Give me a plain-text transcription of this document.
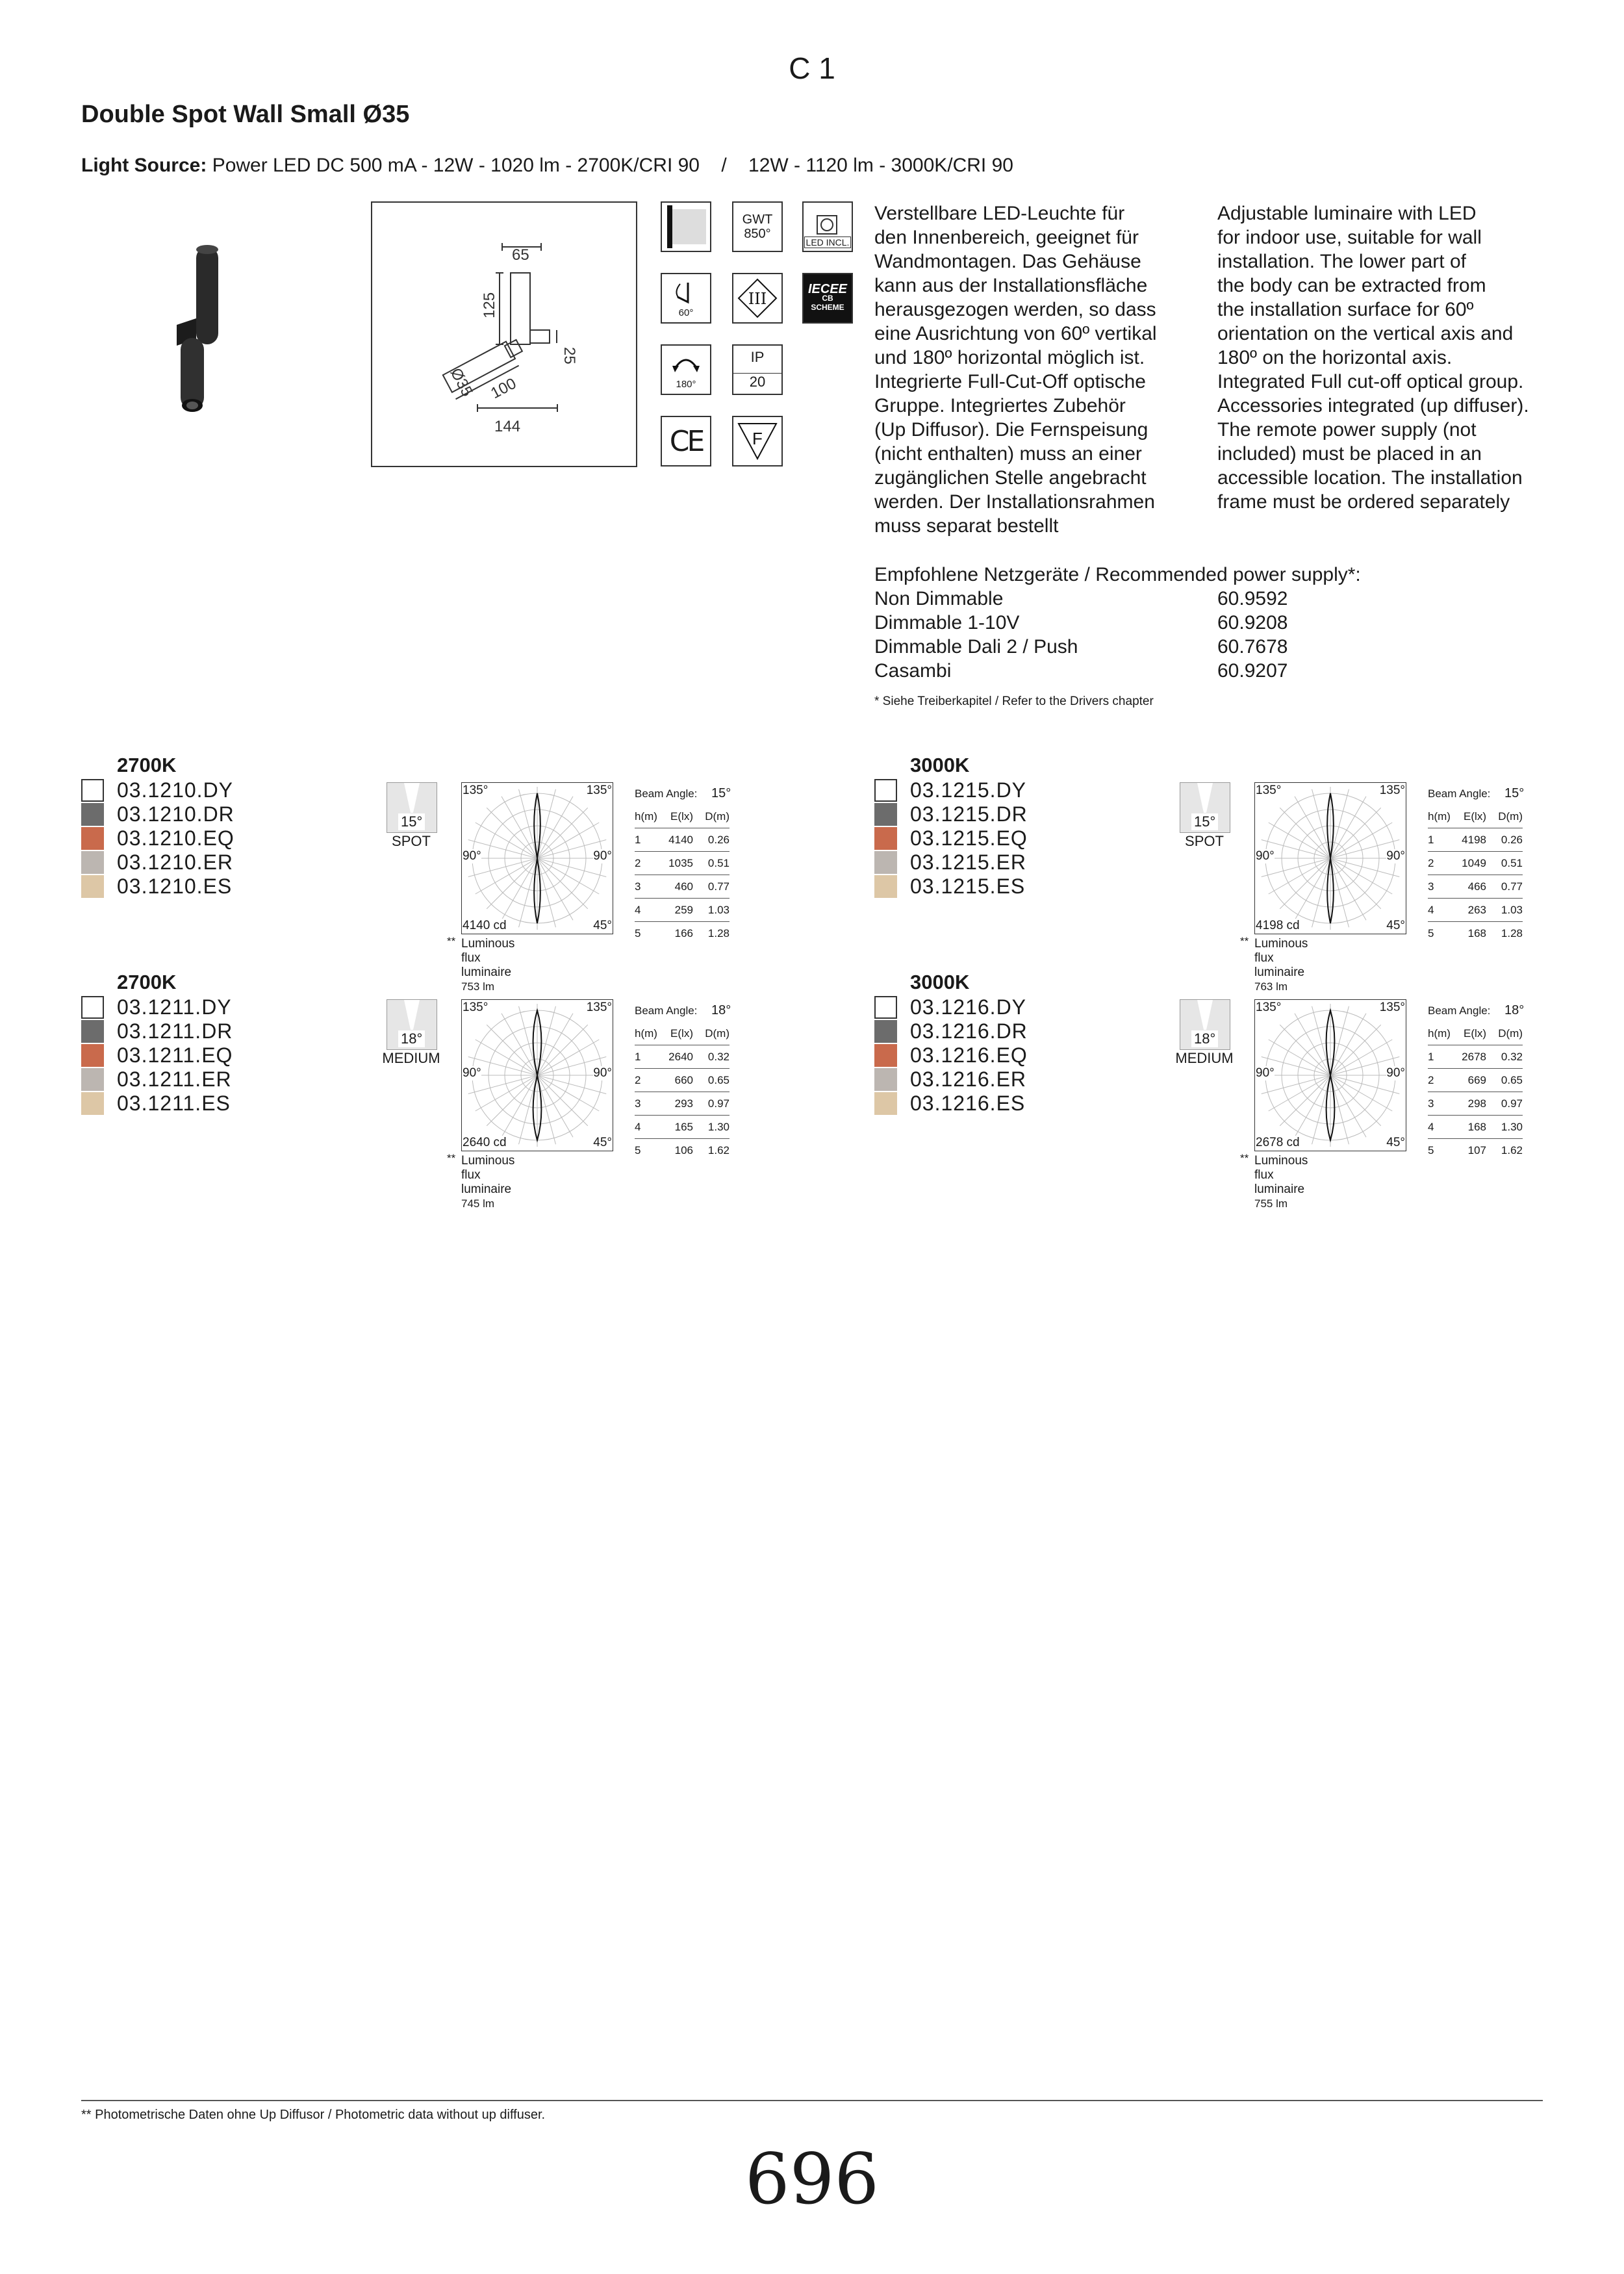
C 1
Double Spot Wall Small Ø35
Light Source: Power LED DC 500 mA - 12W - 1020 lm - 2700K/CRI 90    /    12W - 1120 lm - 3000K/CRI 90
65
125
25
100
Ø35
144
GWT
850°
LED INCL.
60°
III
IECEE
CB
SCHEME
180°
IP
20
CE	F
Verstellbare LED-Leuchte für
den Innenbereich, geeignet für
Wandmontagen. Das Gehäuse
kann aus der Installationsfläche
herausgezogen werden, so dass
eine Ausrichtung von 60º vertikal
und 180º horizontal möglich ist.
Integrierte Full-Cut-Off optische
Gruppe. Integriertes Zubehör
(Up Diffusor). Die Fernspeisung
(nicht enthalten) muss an einer
zugänglichen Stelle angebracht
werden. Der Installationsrahmen
muss separat bestellt
Adjustable luminaire with LED
for indoor use, suitable for wall
installation. The lower part of
the body can be extracted from
the installation surface for 60º
orientation on the vertical axis and
180º on the horizontal axis.
Integrated Full cut-off optical group.
Accessories integrated (up diffuser).
The remote power supply (not
included) must be placed in an
accessible location. The installation
frame must be ordered separately
Empfohlene Netzgeräte / Recommended power supply*:
Non Dimmable	60.9592
Dimmable 1-10V	60.9208
Dimmable Dali 2 / Push	60.7678
Casambi	60.9207
* Siehe Treiberkapitel / Refer to the Drivers chapter
2700K
03.1210.DY
03.1210.DR
03.1210.EQ
03.1210.ER
03.1210.ES
15°
SPOT
135°	135°
90°	90°
4140 cd	45°
** Luminous flux luminaire
753 lm
Beam Angle:	15°
h(m)	E(lx)	D(m)
1	4140	0.26
2	1035	0.51
3	460	0.77
4	259	1.03
5	166	1.28
3000K
03.1215.DY
03.1215.DR
03.1215.EQ
03.1215.ER
03.1215.ES
15°
SPOT
135°	135°
90°	90°
4198 cd	45°
** Luminous flux luminaire
763 lm
Beam Angle:	15°
h(m)	E(lx)	D(m)
1	4198	0.26
2	1049	0.51
3	466	0.77
4	263	1.03
5	168	1.28
2700K
03.1211.DY
03.1211.DR
03.1211.EQ
03.1211.ER
03.1211.ES
18°
MEDIUM
135°	135°
90°	90°
2640 cd	45°
** Luminous flux luminaire
745 lm
Beam Angle:	18°
h(m)	E(lx)	D(m)
1	2640	0.32
2	660	0.65
3	293	0.97
4	165	1.30
5	106	1.62
3000K
03.1216.DY
03.1216.DR
03.1216.EQ
03.1216.ER
03.1216.ES
18°
MEDIUM
135°	135°
90°	90°
2678 cd	45°
** Luminous flux luminaire
755 lm
Beam Angle:	18°
h(m)	E(lx)	D(m)
1	2678	0.32
2	669	0.65
3	298	0.97
4	168	1.30
5	107	1.62
** Photometrische Daten ohne Up Diffusor / Photometric data without up diffuser.
696
